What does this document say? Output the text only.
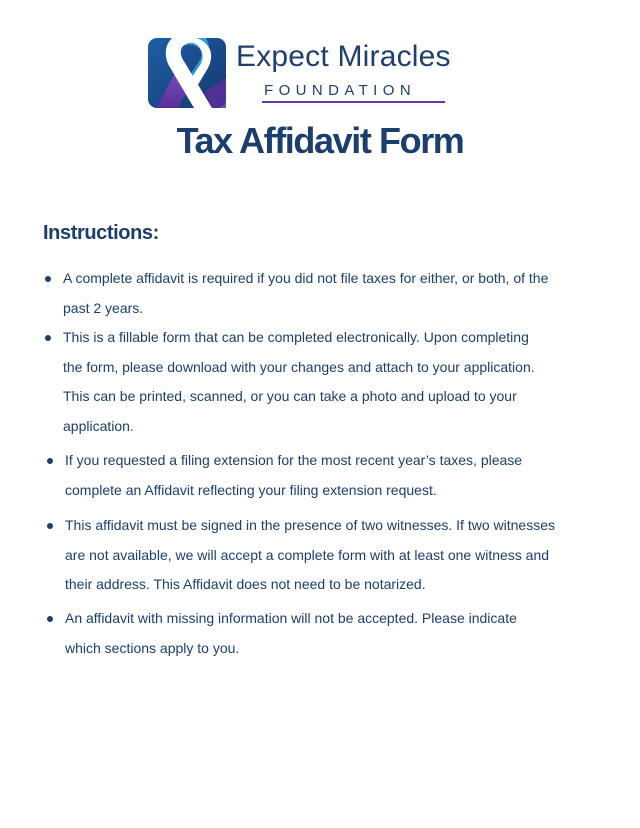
Expect Miracles
FOUNDATION
Tax Affidavit Form
Instructions:
A complete affidavit is required if you did not file taxes for either, or both, of the
past 2 years.
This is a fillable form that can be completed electronically. Upon completing
the form, please download with your changes and attach to your application.
This can be printed, scanned, or you can take a photo and upload to your
application.
If you requested a filing extension for the most recent year’s taxes, please
complete an Affidavit reflecting your filing extension request.
This affidavit must be signed in the presence of two witnesses. If two witnesses
are not available, we will accept a complete form with at least one witness and
their address. This Affidavit does not need to be notarized.
An affidavit with missing information will not be accepted. Please indicate
which sections apply to you.
